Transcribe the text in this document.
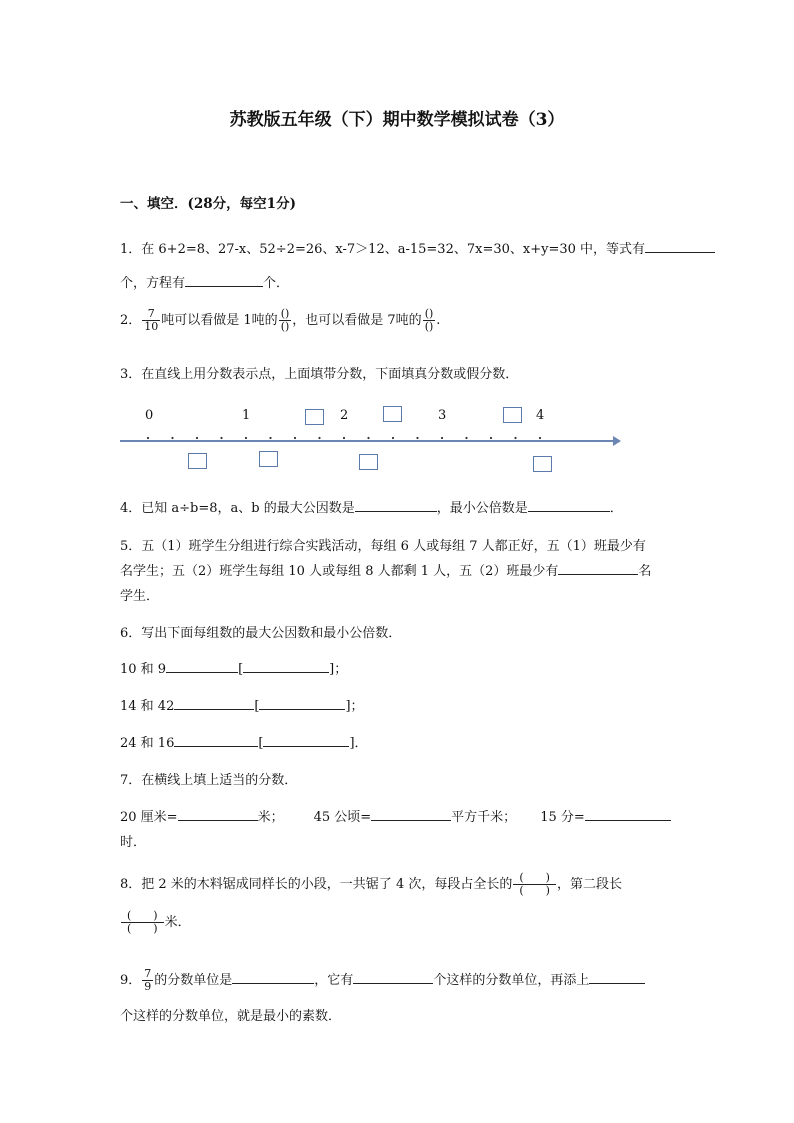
苏教版五年级（下）期中数学模拟试卷（3）
一、填空．(28分，每空1分)
1．在 6+2=8、27-x、52÷2=26、x-7＞12、a-15=32、7x=30、x+y=30 中，等式有
个，方程有	个．
2． $\frac{7}{10}$ 吨可以看做是 1吨的 $\frac{()}{()}$ ，也可以看做是 7吨的 $\frac{()}{()}$ .
3．在直线上用分数表示点，上面填带分数，下面填真分数或假分数．
0	1	2	3	4
4．已知 a÷b=8，a、b 的最大公因数是	，最小公倍数是	．
5．五（1）班学生分组进行综合实践活动，每组 6 人或每组 7 人都正好，五（1）班最少有
名学生；五（2）班学生每组 10 人或每组 8 人都剩 1 人，五（2）班最少有	名
学生．
6．写出下面每组数的最大公因数和最小公倍数．
10 和 9	[	]；
14 和 42	[	]；
24 和 16	[	]．
7．在横线上填上适当的分数．
20 厘米=	米； 45 公顷=	平方千米； 15 分=
时．
8．把 2 米的木料锯成同样长的小段，一共锯了 4 次，每段占全长的 $\frac{( )}{( )}$ ，第二段长
$\frac{( )}{( )}$ 米．
9． $\frac{7}{9}$ 的分数单位是	，它有	个这样的分数单位，再添上
个这样的分数单位，就是最小的素数．
